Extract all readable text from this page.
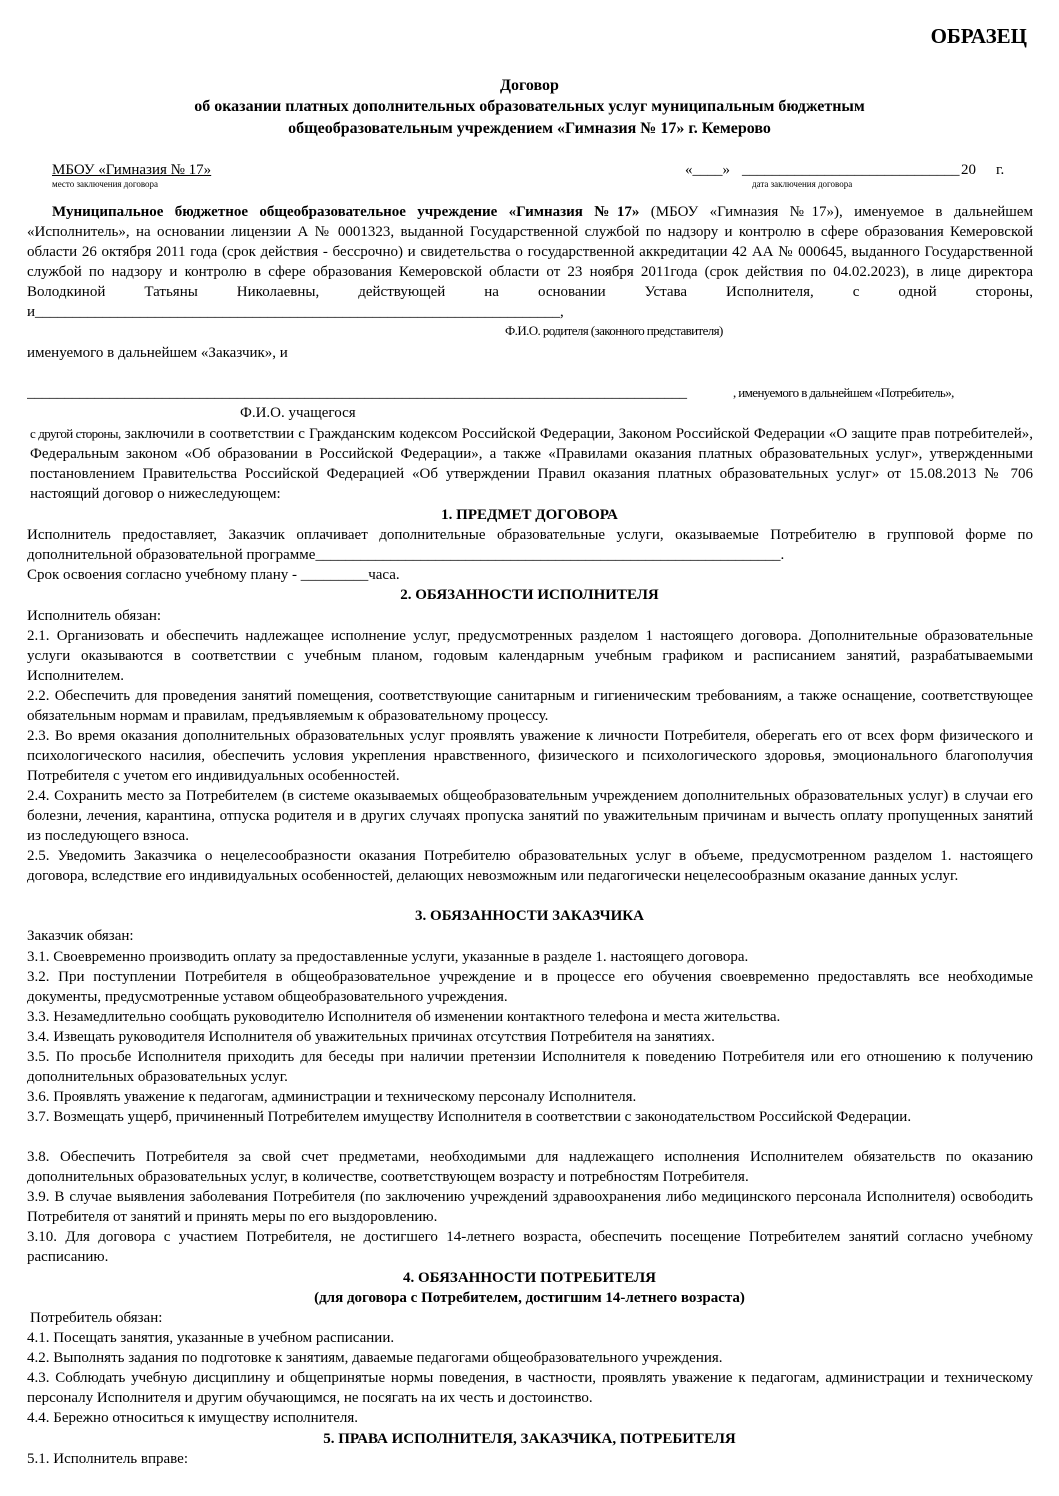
ОБРАЗЕЦ
Договор
об оказании платных дополнительных образовательных услуг муниципальным бюджетным
общеобразовательным учреждением «Гимназия № 17» г. Кемерово
МБОУ «Гимназия № 17»
место заключения договора
«____» _____________________________ 20 г.
дата заключения договора
Муниципальное бюджетное общеобразовательное учреждение «Гимназия №17» (МБОУ «Гимназия №17»), именуемое в дальнейшем «Исполнитель», на основании лицензии А № 0001323, выданной Государственной службой по надзору и контролю в сфере образования Кемеровской области 26 октября 2011 года (срок действия - бессрочно) и свидетельства о государственной аккредитации 42 АА № 000645, выданного Государственной службой по надзору и контролю в сфере образования Кемеровской области от 23 ноября 2011года (срок действия по 04.02.2023), в лице директора Володкиной Татьяны Николаевны, действующей на основании Устава Исполнителя, с одной стороны, и______________________________________________________________________,
Ф.И.О. родителя (законного представителя)
именуемого в дальнейшем «Заказчик», и
________________________________________________________________________________________	, именуемого в дальнейшем «Потребитель»,
Ф.И.О. учащегося
с другой стороны, заключили в соответствии с Гражданским кодексом Российской Федерации, Законом Российской Федерации «О защите прав потребителей», Федеральным законом «Об образовании в Российской Федерации», а также «Правилами оказания платных образовательных услуг», утвержденными постановлением Правительства Российской Федерацией «Об утверждении Правил оказания платных образовательных услуг» от 15.08.2013 № 706 настоящий договор о нижеследующем:
1. ПРЕДМЕТ ДОГОВОРА
Исполнитель предоставляет, Заказчик оплачивает дополнительные образовательные услуги, оказываемые Потребителю в групповой форме по дополнительной образовательной программе______________________________________________________________.
Срок освоения согласно учебному плану - _________часа.
2. ОБЯЗАННОСТИ ИСПОЛНИТЕЛЯ
Исполнитель обязан:
2.1. Организовать и обеспечить надлежащее исполнение услуг, предусмотренных разделом 1 настоящего договора. Дополнительные образовательные услуги оказываются в соответствии с учебным планом, годовым календарным учебным графиком и расписанием занятий, разрабатываемыми Исполнителем.
2.2. Обеспечить для проведения занятий помещения, соответствующие санитарным и гигиеническим требованиям, а также оснащение, соответствующее обязательным нормам и правилам, предъявляемым к образовательному процессу.
2.3. Во время оказания дополнительных образовательных услуг проявлять уважение к личности Потребителя, оберегать его от всех форм физического и психологического насилия, обеспечить условия укрепления нравственного, физического и психологического здоровья, эмоционального благополучия Потребителя с учетом его индивидуальных особенностей.
2.4. Сохранить место за Потребителем (в системе оказываемых общеобразовательным учреждением дополнительных образовательных услуг) в случаи его болезни, лечения, карантина, отпуска родителя и в других случаях пропуска занятий по уважительным причинам и вычесть оплату пропущенных занятий из последующего взноса.
2.5. Уведомить Заказчика о нецелесообразности оказания Потребителю образовательных услуг в объеме, предусмотренном разделом 1. настоящего договора, вследствие его индивидуальных особенностей, делающих невозможным или педагогически нецелесообразным оказание данных услуг.
3. ОБЯЗАННОСТИ ЗАКАЗЧИКА
Заказчик обязан:
3.1. Своевременно производить оплату за предоставленные услуги, указанные в разделе 1. настоящего договора.
3.2. При поступлении Потребителя в общеобразовательное учреждение и в процессе его обучения своевременно предоставлять все необходимые документы, предусмотренные уставом общеобразовательного учреждения.
3.3. Незамедлительно сообщать руководителю Исполнителя об изменении контактного телефона и места жительства.
3.4. Извещать руководителя Исполнителя об уважительных причинах отсутствия Потребителя на занятиях.
3.5. По просьбе Исполнителя приходить для беседы при наличии претензии Исполнителя к поведению Потребителя или его отношению к получению дополнительных образовательных услуг.
3.6. Проявлять уважение к педагогам, администрации и техническому персоналу Исполнителя.
3.7. Возмещать ущерб, причиненный Потребителем имуществу Исполнителя в соответствии с законодательством Российской Федерации.
3.8. Обеспечить Потребителя за свой счет предметами, необходимыми для надлежащего исполнения Исполнителем обязательств по оказанию дополнительных образовательных услуг, в количестве, соответствующем возрасту и потребностям Потребителя.
3.9. В случае выявления заболевания Потребителя (по заключению учреждений здравоохранения либо медицинского персонала Исполнителя) освободить Потребителя от занятий и принять меры по его выздоровлению.
3.10. Для договора с участием Потребителя, не достигшего 14-летнего возраста, обеспечить посещение Потребителем занятий согласно учебному расписанию.
4. ОБЯЗАННОСТИ ПОТРЕБИТЕЛЯ
(для договора с Потребителем, достигшим 14-летнего возраста)
Потребитель обязан:
4.1. Посещать занятия, указанные в учебном расписании.
4.2. Выполнять задания по подготовке к занятиям, даваемые педагогами общеобразовательного учреждения.
4.3. Соблюдать учебную дисциплину и общепринятые нормы поведения, в частности, проявлять уважение к педагогам, администрации и техническому персоналу Исполнителя и другим обучающимся, не посягать на их честь и достоинство.
4.4. Бережно относиться к имуществу исполнителя.
5. ПРАВА ИСПОЛНИТЕЛЯ, ЗАКАЗЧИКА, ПОТРЕБИТЕЛЯ
5.1. Исполнитель вправе:
